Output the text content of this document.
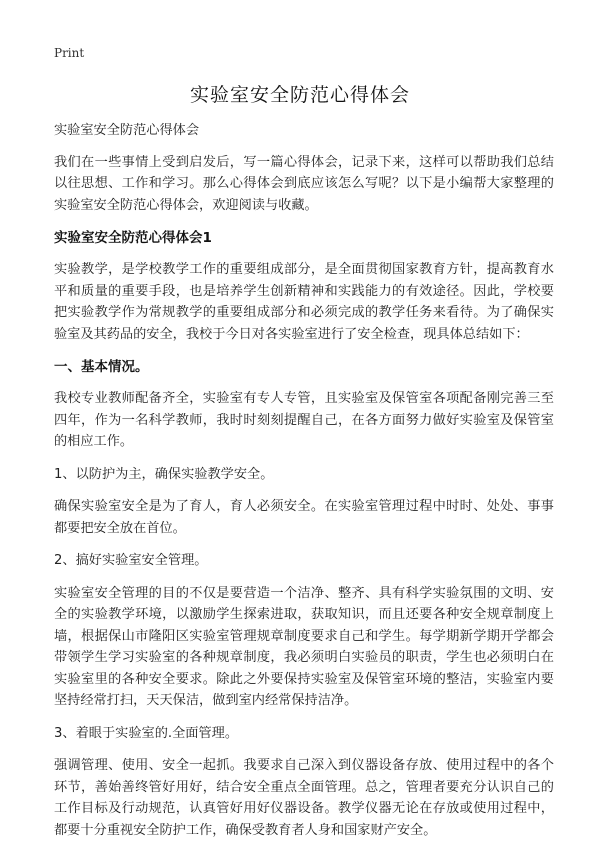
Print
实验室安全防范心得体会

实验室安全防范心得体会

我们在一些事情上受到启发后，写一篇心得体会，记录下来，这样可以帮助我们总结以往思想、工作和学习。那么心得体会到底应该怎么写呢？以下是小编帮大家整理的实验室安全防范心得体会，欢迎阅读与收藏。

实验室安全防范心得体会1

实验教学，是学校教学工作的重要组成部分，是全面贯彻国家教育方针，提高教育水平和质量的重要手段，也是培养学生创新精神和实践能力的有效途径。因此，学校要把实验教学作为常规教学的重要组成部分和必须完成的教学任务来看待。为了确保实验室及其药品的安全，我校于今日对各实验室进行了安全检查，现具体总结如下：

一、基本情况。

我校专业教师配备齐全，实验室有专人专管，且实验室及保管室各项配备刚完善三至四年，作为一名科学教师，我时时刻刻提醒自己，在各方面努力做好实验室及保管室的相应工作。

1、以防护为主，确保实验教学安全。

确保实验室安全是为了育人，育人必须安全。在实验室管理过程中时时、处处、事事都要把安全放在首位。

2、搞好实验室安全管理。

实验室安全管理的目的不仅是要营造一个洁净、整齐、具有科学实验氛围的文明、安全的实验教学环境，以激励学生探索进取，获取知识，而且还要各种安全规章制度上墙，根据保山市隆阳区实验室管理规章制度要求自己和学生。每学期新学期开学都会带领学生学习实验室的各种规章制度，我必须明白实验员的职责，学生也必须明白在实验室里的各种安全要求。除此之外要保持实验室及保管室环境的整洁，实验室内要坚持经常打扫，天天保洁，做到室内经常保持洁净。

3、着眼于实验室的.全面管理。

强调管理、使用、安全一起抓。我要求自己深入到仪器设备存放、使用过程中的各个环节，善始善终管好用好，结合安全重点全面管理。总之，管理者要充分认识自己的工作目标及行动规范，认真管好用好仪器设备。教学仪器无论在存放或使用过程中，都要十分重视安全防护工作，确保受教育者人身和国家财产安全。
